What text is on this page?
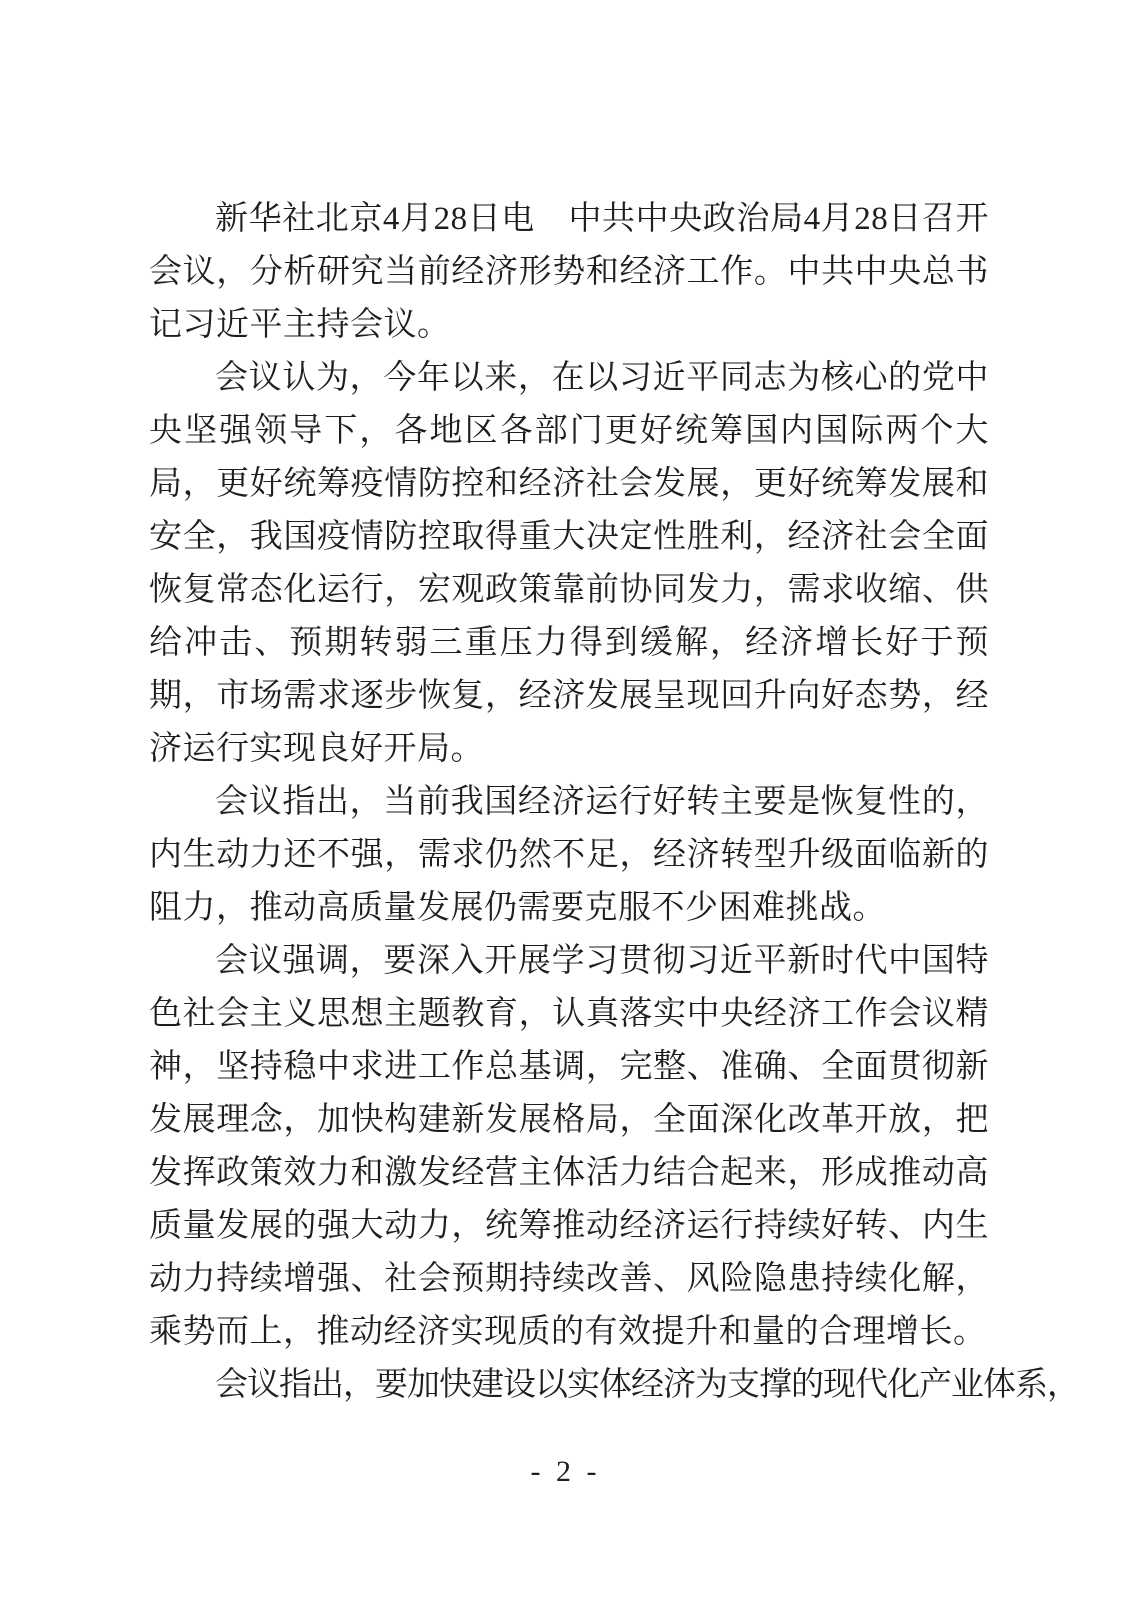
新华社北京4月28日电　中共中央政治局4月28日召开会议，分析研究当前经济形势和经济工作。中共中央总书记习近平主持会议。

会议认为，今年以来，在以习近平同志为核心的党中央坚强领导下，各地区各部门更好统筹国内国际两个大局，更好统筹疫情防控和经济社会发展，更好统筹发展和安全，我国疫情防控取得重大决定性胜利，经济社会全面恢复常态化运行，宏观政策靠前协同发力，需求收缩、供给冲击、预期转弱三重压力得到缓解，经济增长好于预期，市场需求逐步恢复，经济发展呈现回升向好态势，经济运行实现良好开局。

会议指出，当前我国经济运行好转主要是恢复性的，内生动力还不强，需求仍然不足，经济转型升级面临新的阻力，推动高质量发展仍需要克服不少困难挑战。

会议强调，要深入开展学习贯彻习近平新时代中国特色社会主义思想主题教育，认真落实中央经济工作会议精神，坚持稳中求进工作总基调，完整、准确、全面贯彻新发展理念，加快构建新发展格局，全面深化改革开放，把发挥政策效力和激发经营主体活力结合起来，形成推动高质量发展的强大动力，统筹推动经济运行持续好转、内生动力持续增强、社会预期持续改善、风险隐患持续化解，乘势而上，推动经济实现质的有效提升和量的合理增长。

会议指出，要加快建设以实体经济为支撑的现代化产业体系，

- 2 -
